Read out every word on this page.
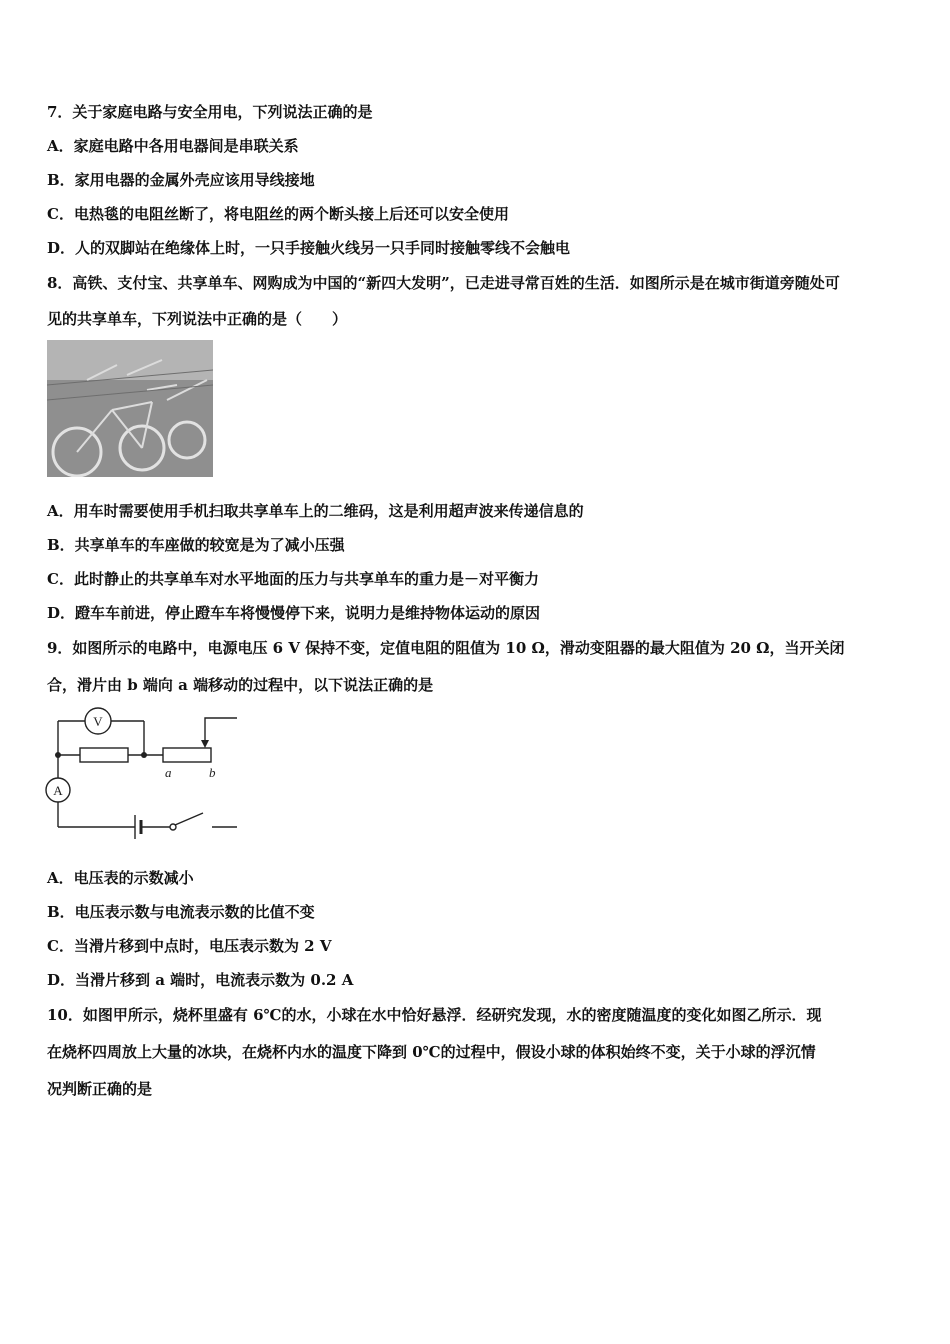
7．关于家庭电路与安全用电，下列说法正确的是
A．家庭电路中各用电器间是串联关系
B．家用电器的金属外壳应该用导线接地
C．电热毯的电阻丝断了，将电阻丝的两个断头接上后还可以安全使用
D．人的双脚站在绝缘体上时，一只手接触火线另一只手同时接触零线不会触电
8．高铁、支付宝、共享单车、网购成为中国的“新四大发明”，已走进寻常百姓的生活．如图所示是在城市街道旁随处可
见的共享单车，下列说法中正确的是（　　）
A．用车时需要使用手机扫取共享单车上的二维码，这是利用超声波来传递信息的
B．共享单车的车座做的较宽是为了减小压强
C．此时静止的共享单车对水平地面的压力与共享单车的重力是－对平衡力
D．蹬车车前进，停止蹬车车将慢慢停下来，说明力是维持物体运动的原因
9．如图所示的电路中，电源电压 6 V 保持不变，定值电阻的阻值为 10 Ω，滑动变阻器的最大阻值为 20 Ω，当开关闭
合，滑片由 b 端向 a 端移动的过程中，以下说法正确的是
V
A
a	b
A．电压表的示数减小
B．电压表示数与电流表示数的比值不变
C．当滑片移到中点时，电压表示数为 2 V
D．当滑片移到 a 端时，电流表示数为 0.2 A
10．如图甲所示，烧杯里盛有 6℃的水，小球在水中恰好悬浮．经研究发现，水的密度随温度的变化如图乙所示．现
在烧杯四周放上大量的冰块，在烧杯内水的温度下降到 0℃的过程中，假设小球的体积始终不变，关于小球的浮沉情
况判断正确的是
